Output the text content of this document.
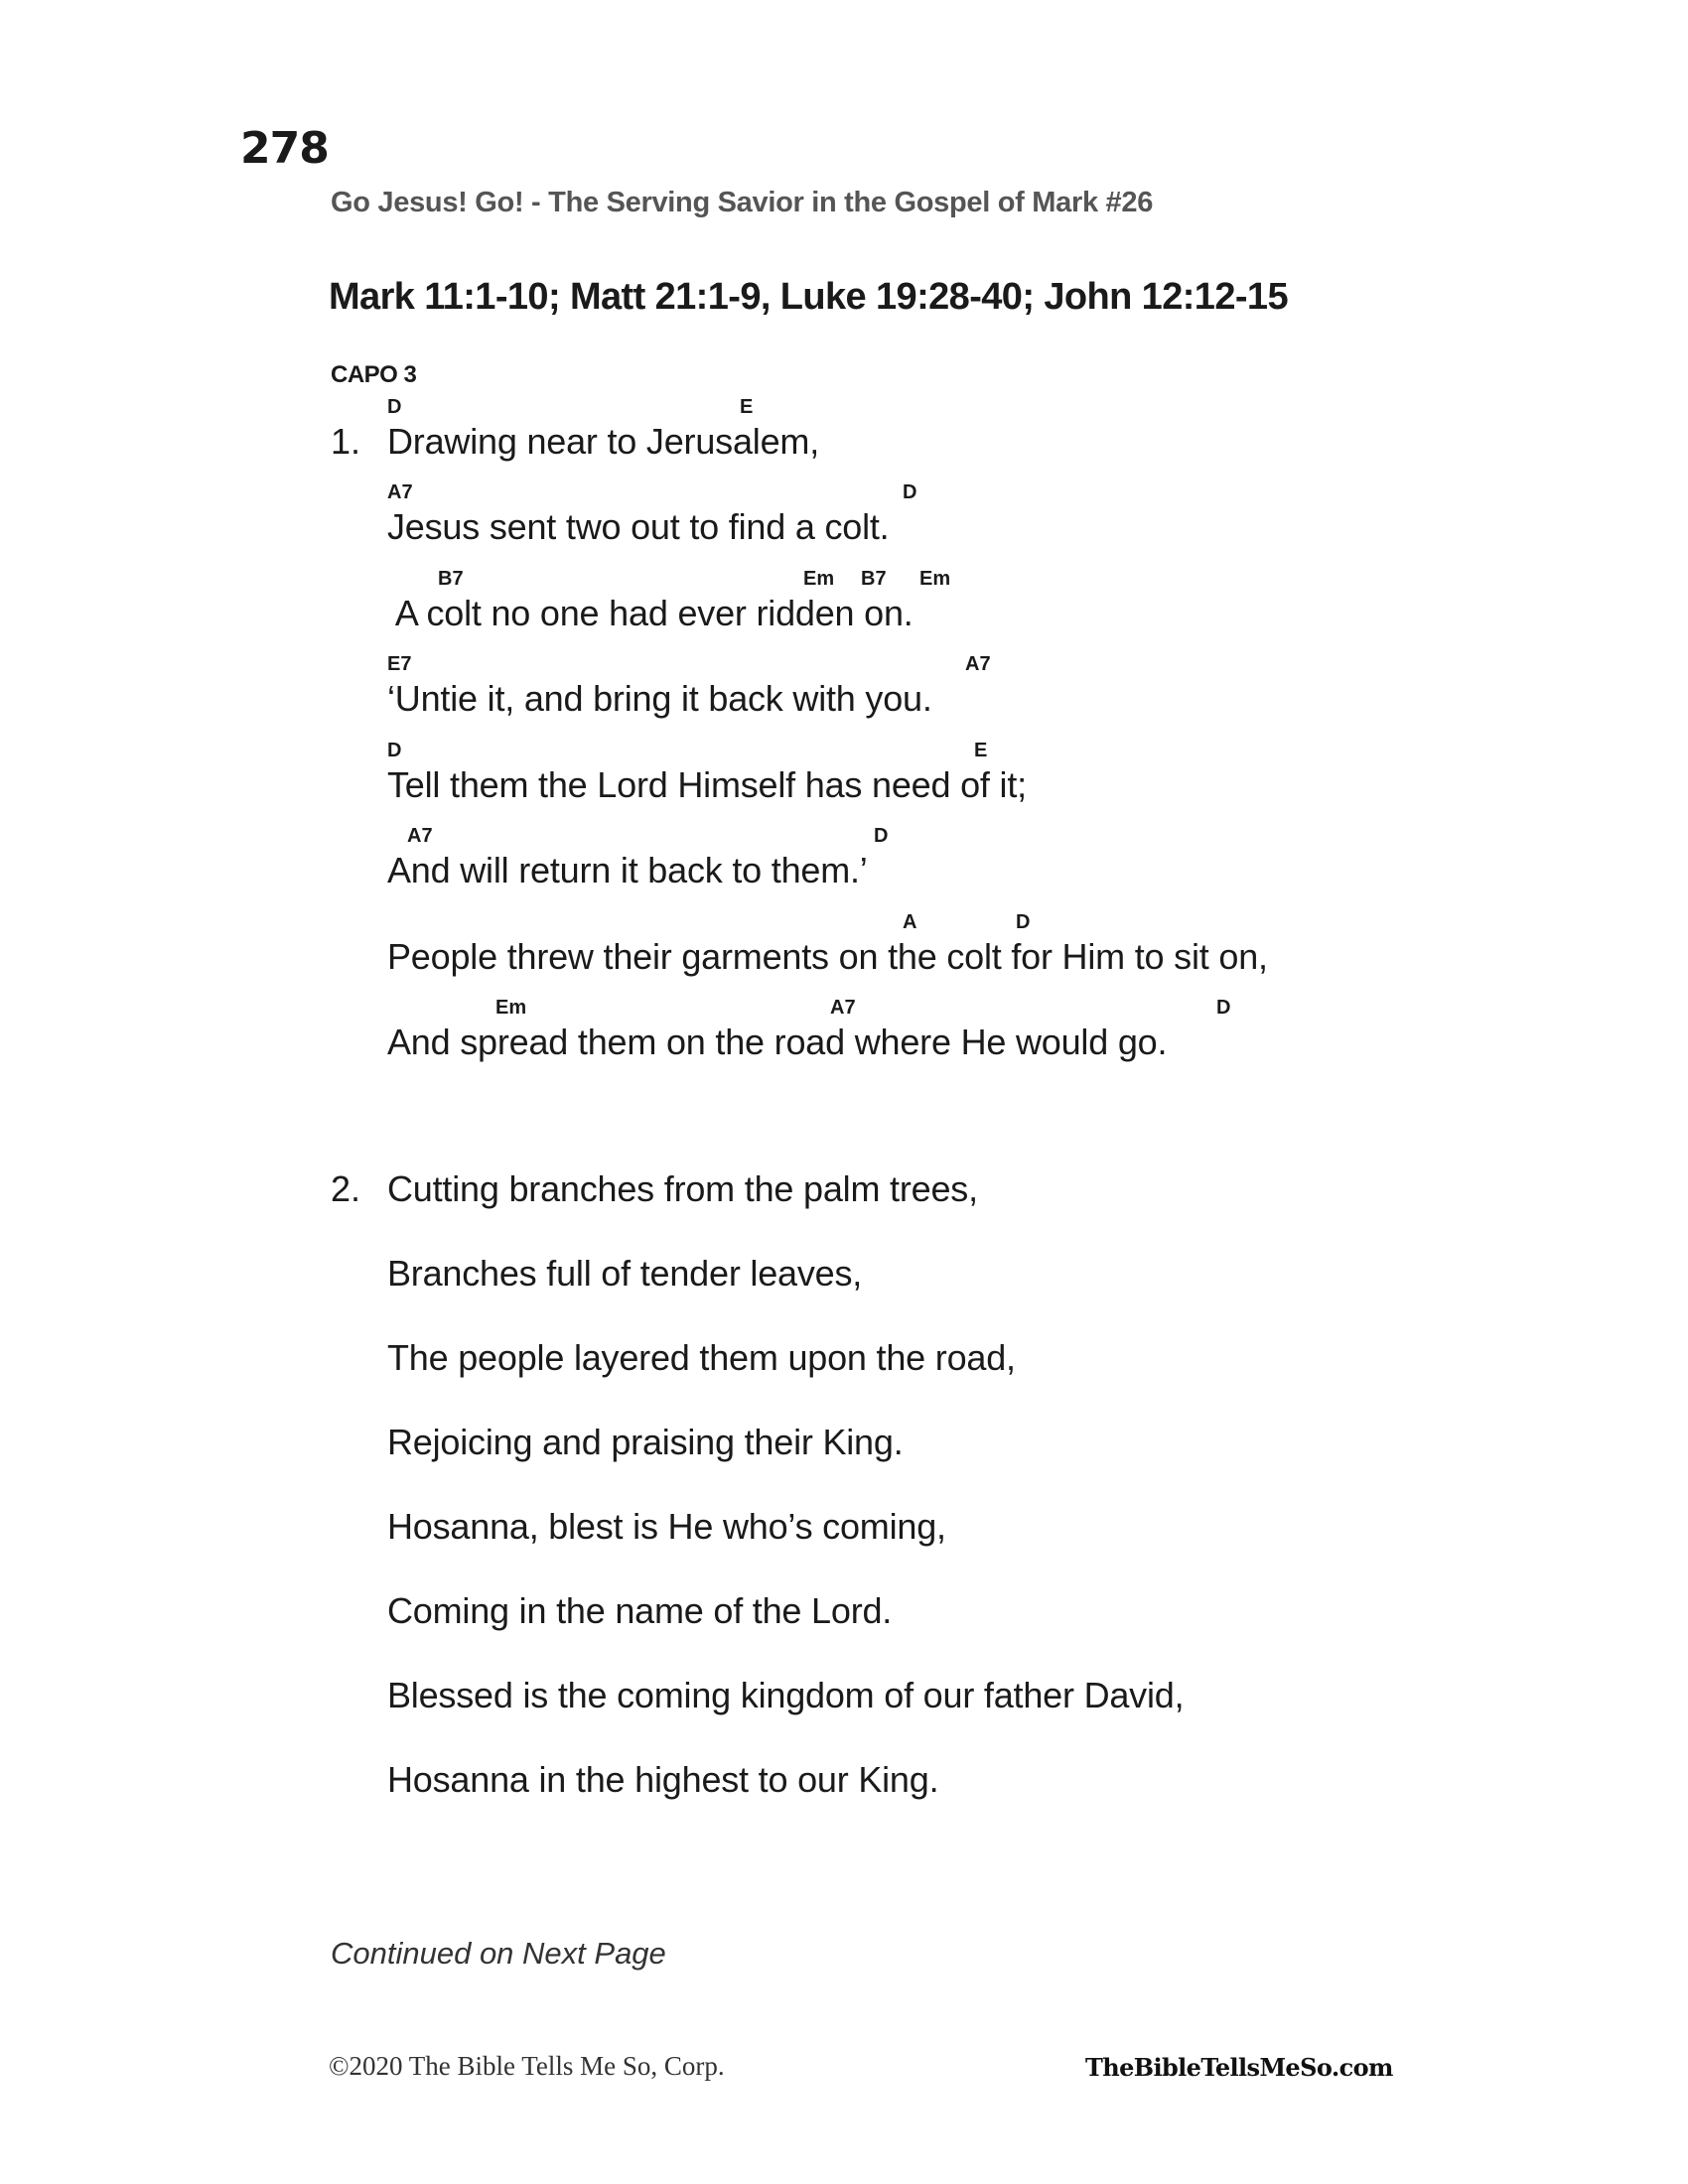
278
Go Jesus! Go! - The Serving Savior in the Gospel of Mark #26
Mark 11:1-10; Matt 21:1-9, Luke 19:28-40; John 12:12-15
CAPO 3
1.
D	E
Drawing near to Jerusalem,
A7	D
Jesus sent two out to find a colt.
B7	Em B7 Em
A colt no one had ever ridden on.
E7	A7
‘Untie it, and bring it back with you.
D	E
Tell them the Lord Himself has need of it;
A7	D
And will return it back to them.’
A	D
People threw their garments on the colt for Him to sit on,
Em	A7	D
And spread them on the road where He would go.
2. Cutting branches from the palm trees,
Branches full of tender leaves,
The people layered them upon the road,
Rejoicing and praising their King.
Hosanna, blest is He who’s coming,
Coming in the name of the Lord.
Blessed is the coming kingdom of our father David,
Hosanna in the highest to our King.
Continued on Next Page
©2020 The Bible Tells Me So, Corp.	TheBibleTellsMeSo.com
